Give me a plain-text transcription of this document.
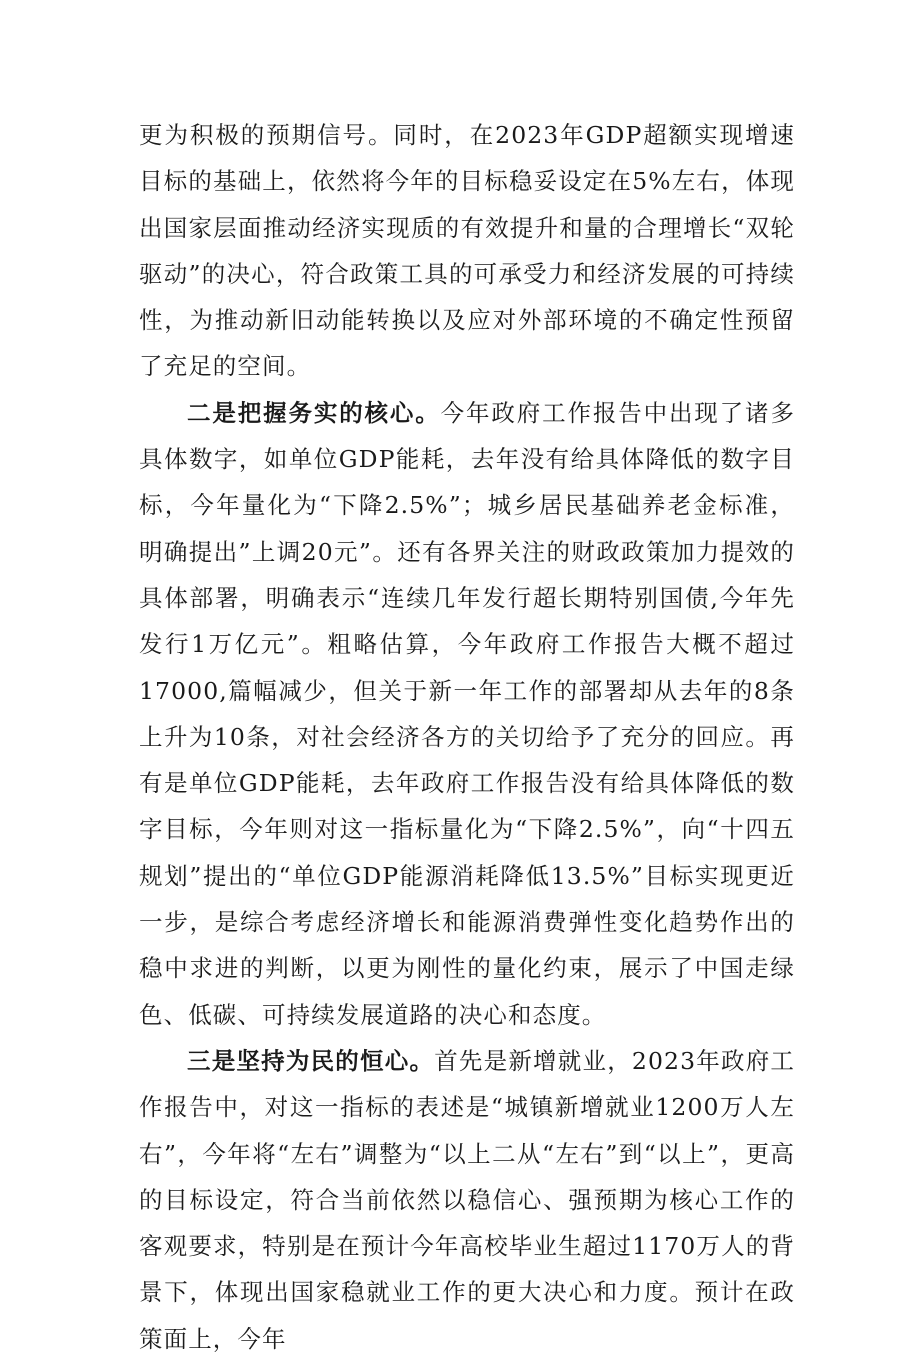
更为积极的预期信号。同时，在2023年GDP超额实现增速目标的基础上，依然将今年的目标稳妥设定在5%左右，体现出国家层面推动经济实现质的有效提升和量的合理增长“双轮驱动”的决心，符合政策工具的可承受力和经济发展的可持续性，为推动新旧动能转换以及应对外部环境的不确定性预留了充足的空间。

二是把握务实的核心。今年政府工作报告中出现了诸多具体数字，如单位GDP能耗，去年没有给具体降低的数字目标，今年量化为“下降2.5%”；城乡居民基础养老金标准，明确提出”上调20元”。还有各界关注的财政政策加力提效的具体部署，明确表示“连续几年发行超长期特别国债,今年先发行1万亿元”。粗略估算，今年政府工作报告大概不超过17000,篇幅减少，但关于新一年工作的部署却从去年的8条上升为10条，对社会经济各方的关切给予了充分的回应。再有是单位GDP能耗，去年政府工作报告没有给具体降低的数字目标，今年则对这一指标量化为“下降2.5%”，向“十四五规划”提出的“单位GDP能源消耗降低13.5%”目标实现更近一步，是综合考虑经济增长和能源消费弹性变化趋势作出的稳中求进的判断，以更为刚性的量化约束，展示了中国走绿色、低碳、可持续发展道路的决心和态度。

三是坚持为民的恒心。首先是新增就业，2023年政府工作报告中，对这一指标的表述是“城镇新增就业1200万人左右”，今年将“左右”调整为“以上二从“左右”到“以上”，更高的目标设定，符合当前依然以稳信心、强预期为核心工作的客观要求，特别是在预计今年高校毕业生超过1170万人的背景下，体现出国家稳就业工作的更大决心和力度。预计在政策面上，今年
